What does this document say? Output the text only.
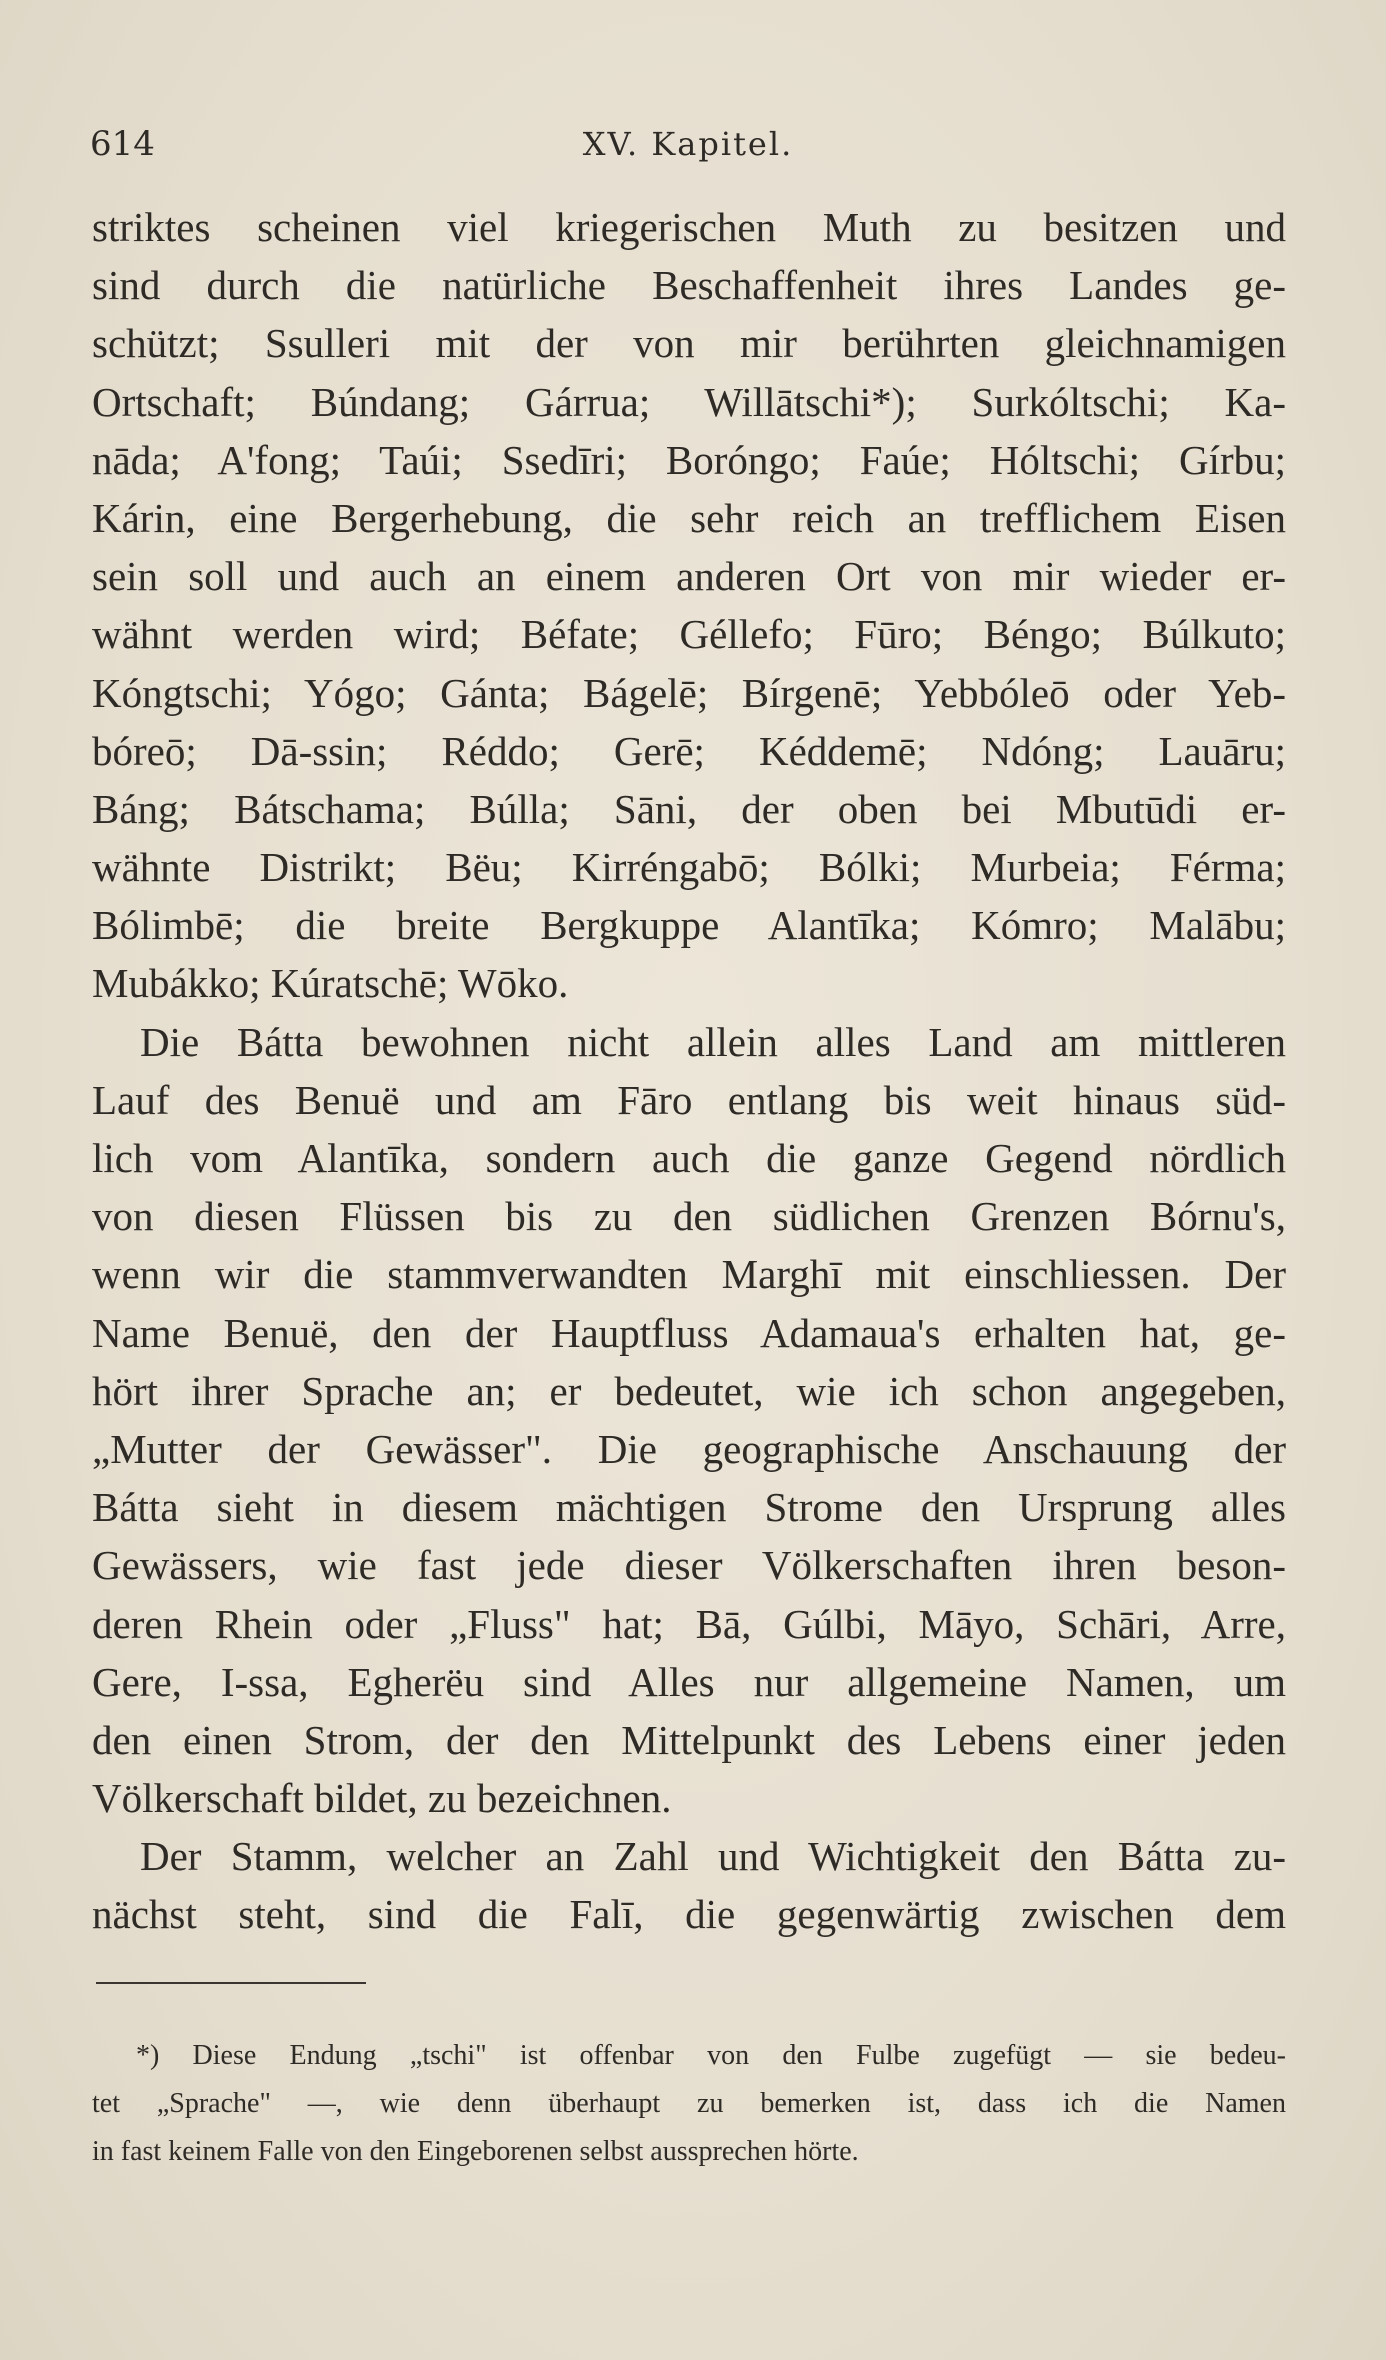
614	XV. Kapitel.
striktes scheinen viel kriegerischen Muth zu besitzen und
sind durch die natürliche Beschaffenheit ihres Landes ge-
schützt; Ssulleri mit der von mir berührten gleichnamigen
Ortschaft; Búndang; Gárrua; Willātschi*); Surkóltschi; Ka-
nāda; A'fong; Taúi; Ssedīri; Boróngo; Faúe; Hóltschi; Gírbu;
Kárin, eine Bergerhebung, die sehr reich an trefflichem Eisen
sein soll und auch an einem anderen Ort von mir wieder er-
wähnt werden wird; Béfate; Géllefo; Fūro; Béngo; Búlkuto;
Kóngtschi; Yógo; Gánta; Bágelē; Bírgenē; Yebbóleō oder Yeb-
bóreō; Dā-ssin; Réddo; Gerē; Kéddemē; Ndóng; Lauāru;
Báng; Bátschama; Búlla; Sāni, der oben bei Mbutūdi er-
wähnte Distrikt; Bëu; Kirréngabō; Bólki; Murbeia; Férma;
Bólimbē; die breite Bergkuppe Alantīka; Kómro; Malābu;
Mubákko; Kúratschē; Wōko.
Die Bátta bewohnen nicht allein alles Land am mittleren
Lauf des Benuë und am Fāro entlang bis weit hinaus süd-
lich vom Alantīka, sondern auch die ganze Gegend nördlich
von diesen Flüssen bis zu den südlichen Grenzen Bórnu's,
wenn wir die stammverwandten Marghī mit einschliessen. Der
Name Benuë, den der Hauptfluss Adamaua's erhalten hat, ge-
hört ihrer Sprache an; er bedeutet, wie ich schon angegeben,
„Mutter der Gewässer". Die geographische Anschauung der
Bátta sieht in diesem mächtigen Strome den Ursprung alles
Gewässers, wie fast jede dieser Völkerschaften ihren beson-
deren Rhein oder „Fluss" hat; Bā, Gúlbi, Māyo, Schāri, Arre,
Gere, I-ssa, Egherëu sind Alles nur allgemeine Namen, um
den einen Strom, der den Mittelpunkt des Lebens einer jeden
Völkerschaft bildet, zu bezeichnen.
Der Stamm, welcher an Zahl und Wichtigkeit den Bátta zu-
nächst steht, sind die Falī, die gegenwärtig zwischen dem
*) Diese Endung „tschi" ist offenbar von den Fulbe zugefügt — sie bedeu-
tet „Sprache" —, wie denn überhaupt zu bemerken ist, dass ich die Namen
in fast keinem Falle von den Eingeborenen selbst aussprechen hörte.
